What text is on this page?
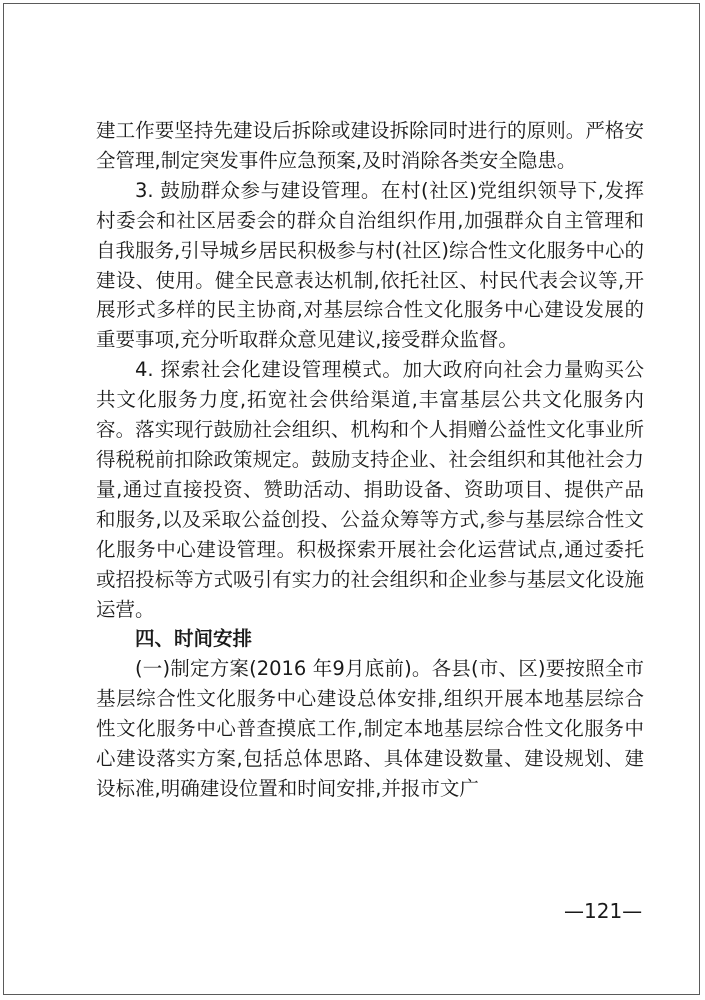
建工作要坚持先建设后拆除或建设拆除同时进行的原则。严格安全管理,制定突发事件应急预案,及时消除各类安全隐患。

3. 鼓励群众参与建设管理。在村(社区)党组织领导下,发挥村委会和社区居委会的群众自治组织作用,加强群众自主管理和自我服务,引导城乡居民积极参与村(社区)综合性文化服务中心的建设、使用。健全民意表达机制,依托社区、村民代表会议等,开展形式多样的民主协商,对基层综合性文化服务中心建设发展的重要事项,充分听取群众意见建议,接受群众监督。

4. 探索社会化建设管理模式。加大政府向社会力量购买公共文化服务力度,拓宽社会供给渠道,丰富基层公共文化服务内容。落实现行鼓励社会组织、机构和个人捐赠公益性文化事业所得税税前扣除政策规定。鼓励支持企业、社会组织和其他社会力量,通过直接投资、赞助活动、捐助设备、资助项目、提供产品和服务,以及采取公益创投、公益众筹等方式,参与基层综合性文化服务中心建设管理。积极探索开展社会化运营试点,通过委托或招投标等方式吸引有实力的社会组织和企业参与基层文化设施运营。

四、时间安排

(一)制定方案(2016 年9月底前)。各县(市、区)要按照全市基层综合性文化服务中心建设总体安排,组织开展本地基层综合性文化服务中心普查摸底工作,制定本地基层综合性文化服务中心建设落实方案,包括总体思路、具体建设数量、建设规划、建设标准,明确建设位置和时间安排,并报市文广

—121—
